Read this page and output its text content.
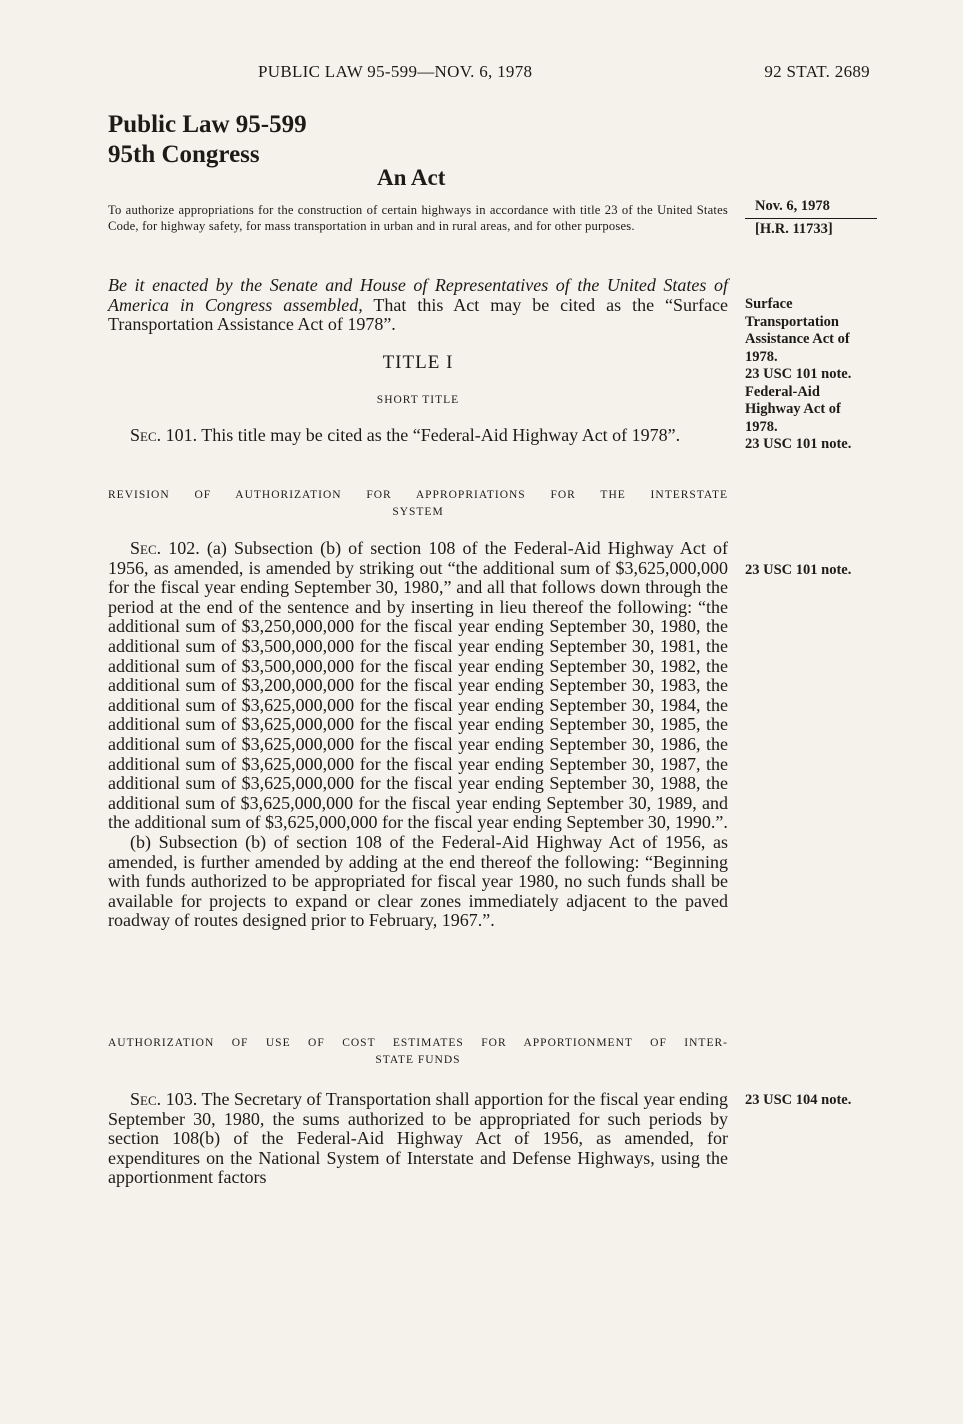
PUBLIC LAW 95-599—NOV. 6, 1978	92 STAT. 2689
Public Law 95-599
95th Congress
An Act
To authorize appropriations for the construction of certain highways in accordance with title 23 of the United States Code, for highway safety, for mass transportation in urban and in rural areas, and for other purposes.
Nov. 6, 1978
[H.R. 11733]

Be it enacted by the Senate and House of Representatives of the United States of America in Congress assembled, That this Act may be cited as the “Surface Transportation Assistance Act of 1978”.

Surface
Transportation
Assistance Act of
1978.
23 USC 101 note.
Federal-Aid
Highway Act of
1978.
23 USC 101 note.
TITLE I
SHORT TITLE

Sec. 101. This title may be cited as the “Federal-Aid Highway Act of 1978”.

REVISION OF AUTHORIZATION FOR APPROPRIATIONS FOR THE INTERSTATE
SYSTEM

Sec. 102. (a) Subsection (b) of section 108 of the Federal-Aid Highway Act of 1956, as amended, is amended by striking out “the additional sum of $3,625,000,000 for the fiscal year ending September 30, 1980,” and all that follows down through the period at the end of the sentence and by inserting in lieu thereof the following: “the additional sum of $3,250,000,000 for the fiscal year ending September 30, 1980, the additional sum of $3,500,000,000 for the fiscal year ending September 30, 1981, the additional sum of $3,500,000,000 for the fiscal year ending September 30, 1982, the additional sum of $3,200,000,000 for the fiscal year ending September 30, 1983, the additional sum of $3,625,000,000 for the fiscal year ending September 30, 1984, the additional sum of $3,625,000,000 for the fiscal year ending September 30, 1985, the additional sum of $3,625,000,000 for the fiscal year ending September 30, 1986, the additional sum of $3,625,000,000 for the fiscal year ending September 30, 1987, the additional sum of $3,625,000,000 for the fiscal year ending September 30, 1988, the additional sum of $3,625,000,000 for the fiscal year ending September 30, 1989, and the additional sum of $3,625,000,000 for the fiscal year ending September 30, 1990.”.

(b) Subsection (b) of section 108 of the Federal-Aid Highway Act of 1956, as amended, is further amended by adding at the end thereof the following: “Beginning with funds authorized to be appropriated for fiscal year 1980, no such funds shall be available for projects to expand or clear zones immediately adjacent to the paved roadway of routes designed prior to February, 1967.”.

23 USC 101 note.
AUTHORIZATION OF USE OF COST ESTIMATES FOR APPORTIONMENT OF INTER-
STATE FUNDS

Sec. 103. The Secretary of Transportation shall apportion for the fiscal year ending September 30, 1980, the sums authorized to be appropriated for such periods by section 108(b) of the Federal-Aid Highway Act of 1956, as amended, for expenditures on the National System of Interstate and Defense Highways, using the apportionment factors

23 USC 104 note.
